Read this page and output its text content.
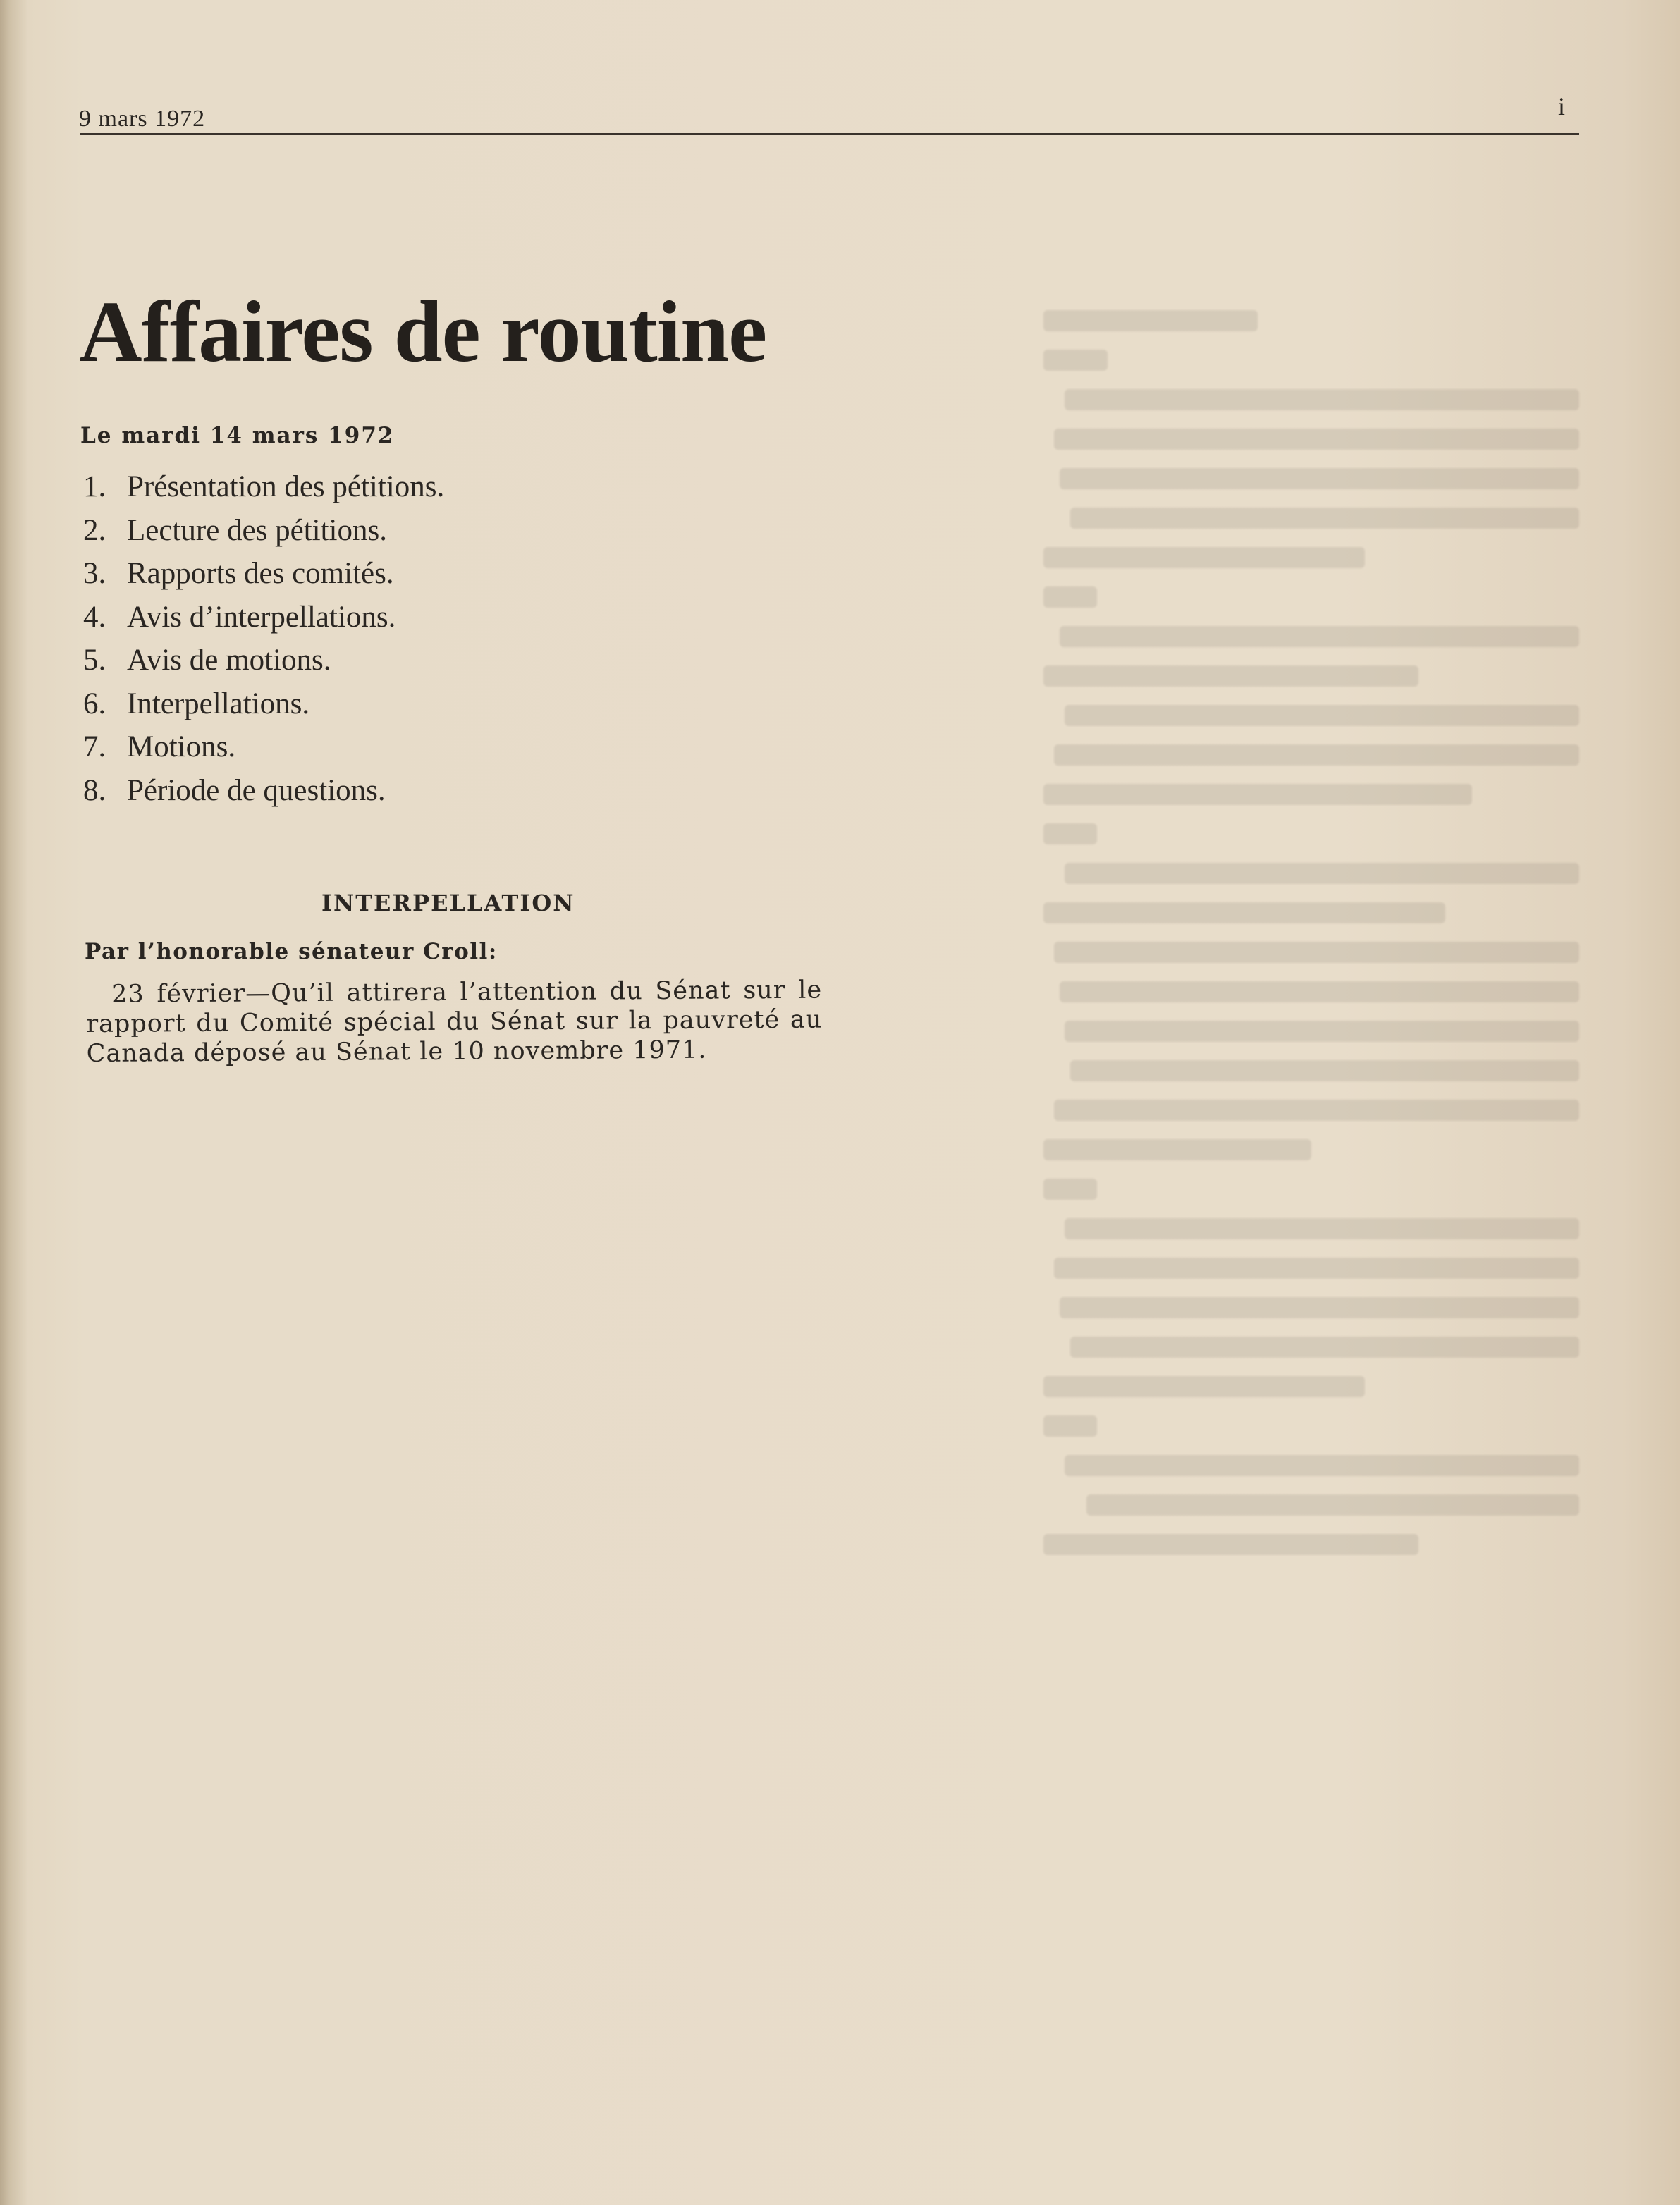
9 mars 1972	i
Affaires de routine
Le mardi 14 mars 1972
1. Présentation des pétitions.
2. Lecture des pétitions.
3. Rapports des comités.
4. Avis d’interpellations.
5. Avis de motions.
6. Interpellations.
7. Motions.
8. Période de questions.
INTERPELLATION
Par l’honorable sénateur Croll:
23 février—Qu’il attirera l’attention du Sénat sur le rapport du Comité spécial du Sénat sur la pauvreté au Canada déposé au Sénat le 10 novembre 1971.
